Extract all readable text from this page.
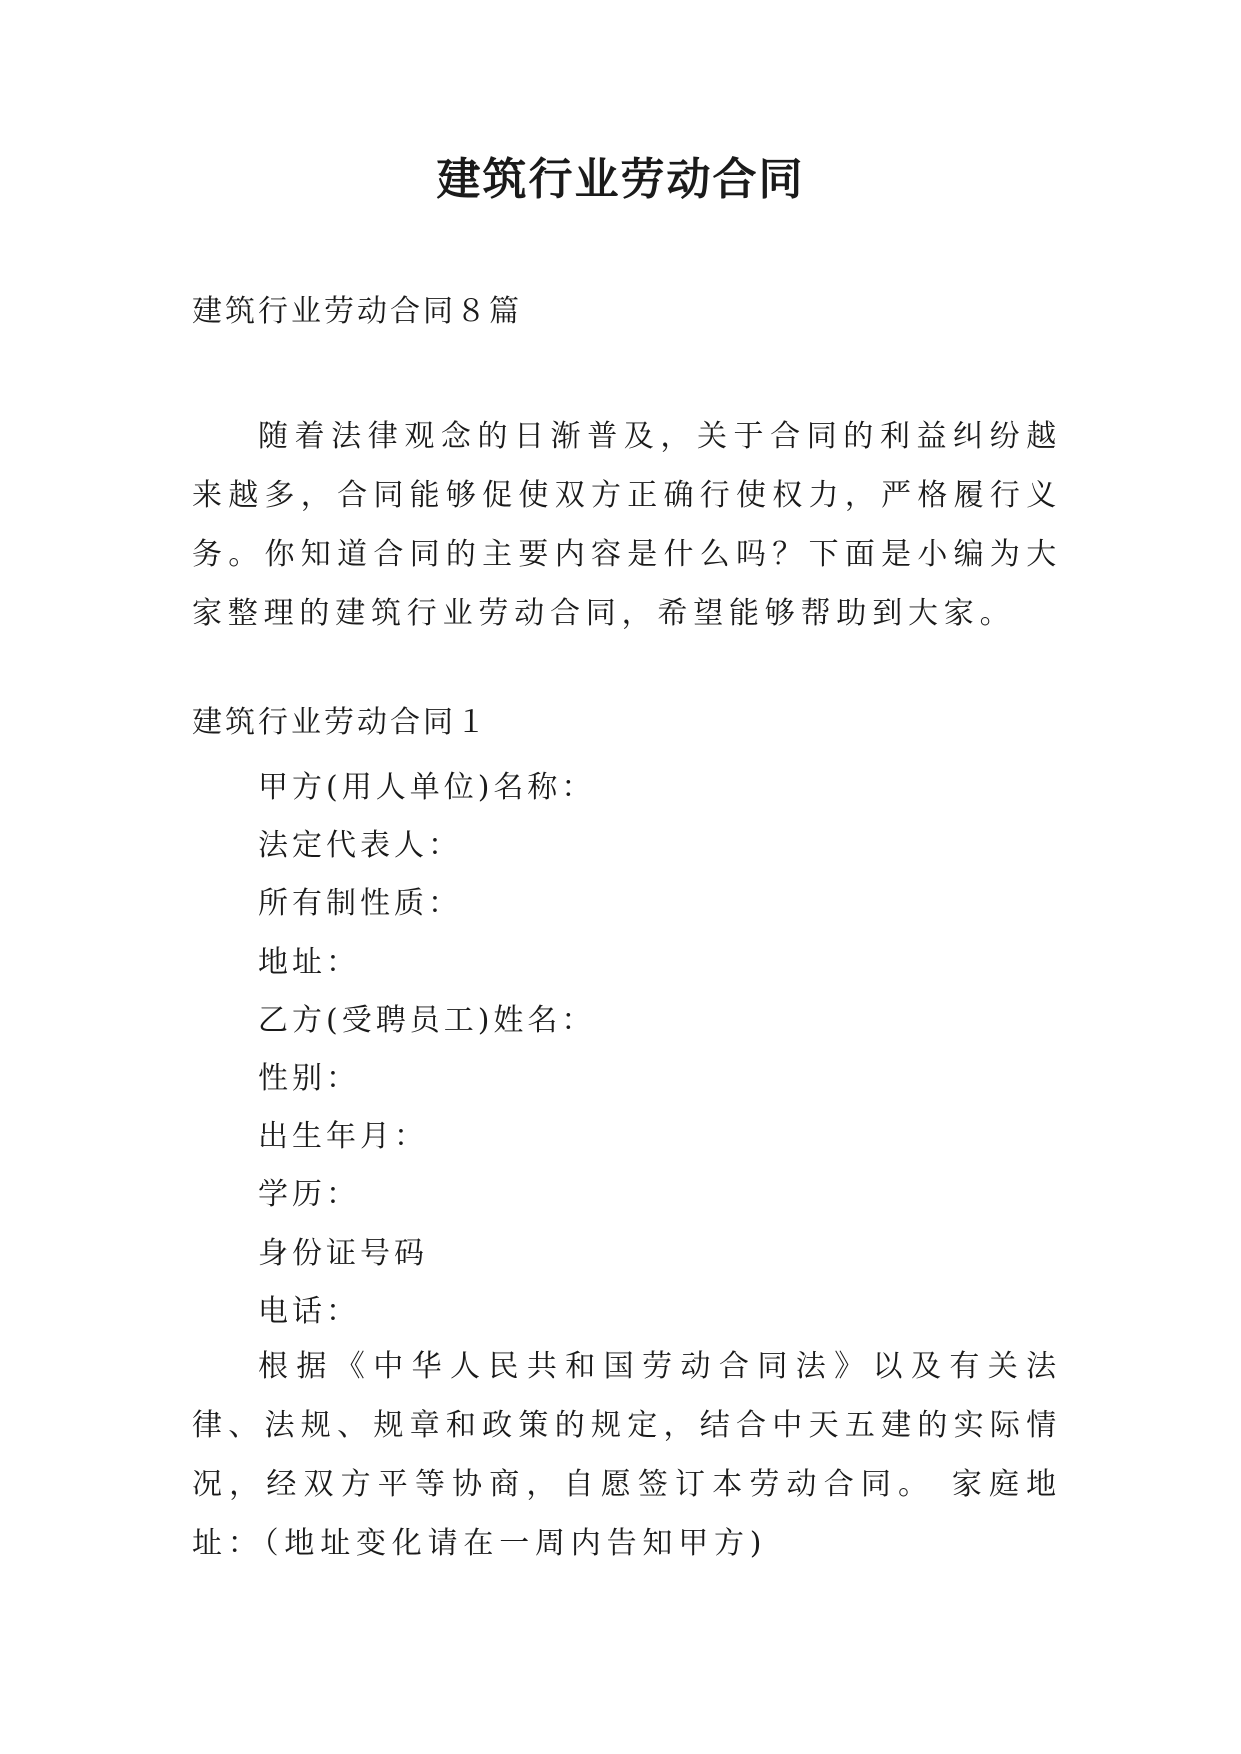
建筑行业劳动合同

建筑行业劳动合同８篇

随着法律观念的日渐普及，关于合同的利益纠纷越来越多，合同能够促使双方正确行使权力，严格履行义务。你知道合同的主要内容是什么吗？下面是小编为大家整理的建筑行业劳动合同，希望能够帮助到大家。

建筑行业劳动合同１

甲方(用人单位)名称：
法定代表人：
所有制性质：
地址：
乙方(受聘员工)姓名：
性别：
出生年月：
学历：
身份证号码
电话：

根据《中华人民共和国劳动合同法》以及有关法律、法规、规章和政策的规定，结合中天五建的实际情况，经双方平等协商，自愿签订本劳动合同。 家庭地址：（地址变化请在一周内告知甲方)
